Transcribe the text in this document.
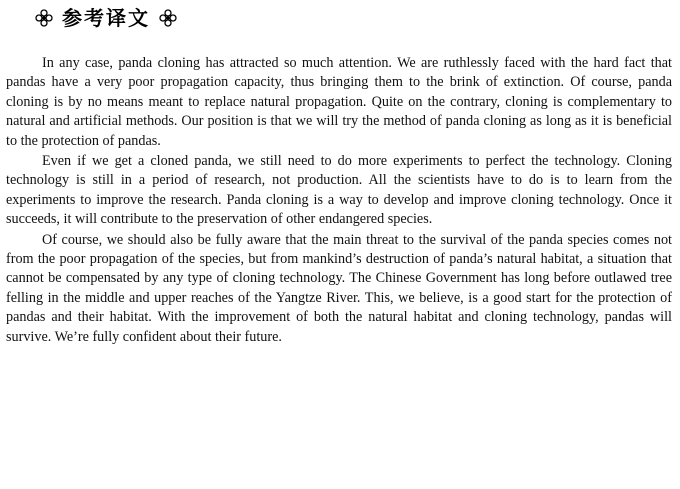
参考译文

In any case, panda cloning has attracted so much attention. We are ruthlessly faced with the hard fact that pandas have a very poor propagation capacity, thus bringing them to the brink of extinction. Of course, panda cloning is by no means meant to replace natural propagation. Quite on the contrary, cloning is complementary to natural and artificial methods. Our position is that we will try the method of panda cloning as long as it is beneficial to the protection of pandas.

Even if we get a cloned panda, we still need to do more experiments to perfect the technology. Cloning technology is still in a period of research, not production. All the scientists have to do is to learn from the experiments to improve the research. Panda cloning is a way to develop and improve cloning technology. Once it succeeds, it will contribute to the preservation of other endangered species.

Of course, we should also be fully aware that the main threat to the survival of the panda species comes not from the poor propagation of the species, but from mankind’s destruction of panda’s natural habitat, a situation that cannot be compensated by any type of cloning technology. The Chinese Government has long before outlawed tree felling in the middle and upper reaches of the Yangtze River. This, we believe, is a good start for the protection of pandas and their habitat. With the improvement of both the natural habitat and cloning technology, pandas will survive. We’re fully confident about their future.
